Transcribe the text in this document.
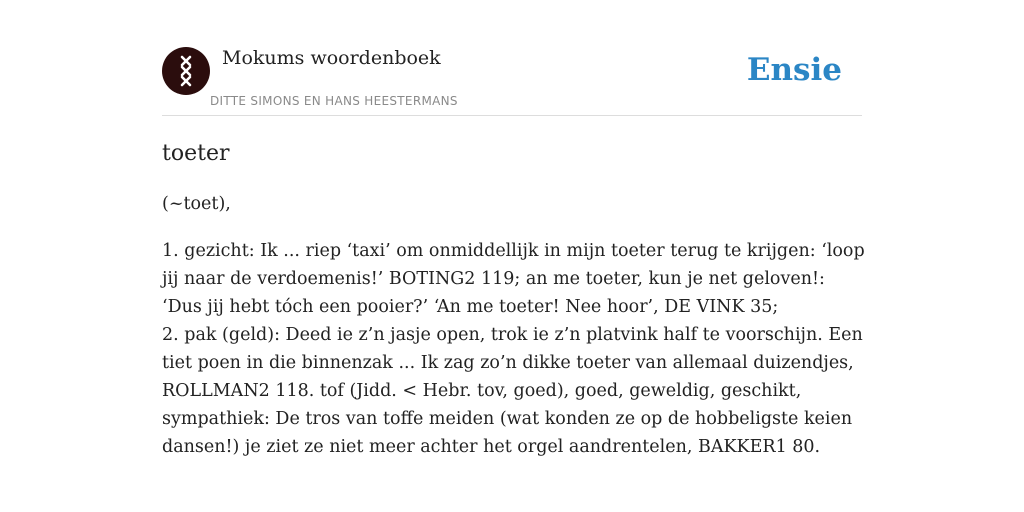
Mokums woordenboek
DITTE SIMONS EN HANS HEESTERMANS
Ensie
toeter

(~toet),

1. gezicht: Ik ... riep ‘taxi’ om onmiddellijk in mijn toeter terug te krijgen: ‘loop jij naar de verdoemenis!’ BOTING2 119; an me toeter, kun je net geloven!: ‘Dus jij hebt tóch een pooier?’ ‘An me toeter! Nee hoor’, DE VINK 35;

2. pak (geld): Deed ie z’n jasje open, trok ie z’n platvink half te voorschijn. Een tiet poen in die binnenzak ... Ik zag zo’n dikke toeter van allemaal duizendjes, ROLLMAN2 118. tof (Jidd. < Hebr. tov, goed), goed, geweldig, geschikt, sympathiek: De tros van toffe meiden (wat konden ze op de hobbeligste keien dansen!) je ziet ze niet meer achter het orgel aandrentelen, BAKKER1 80.
